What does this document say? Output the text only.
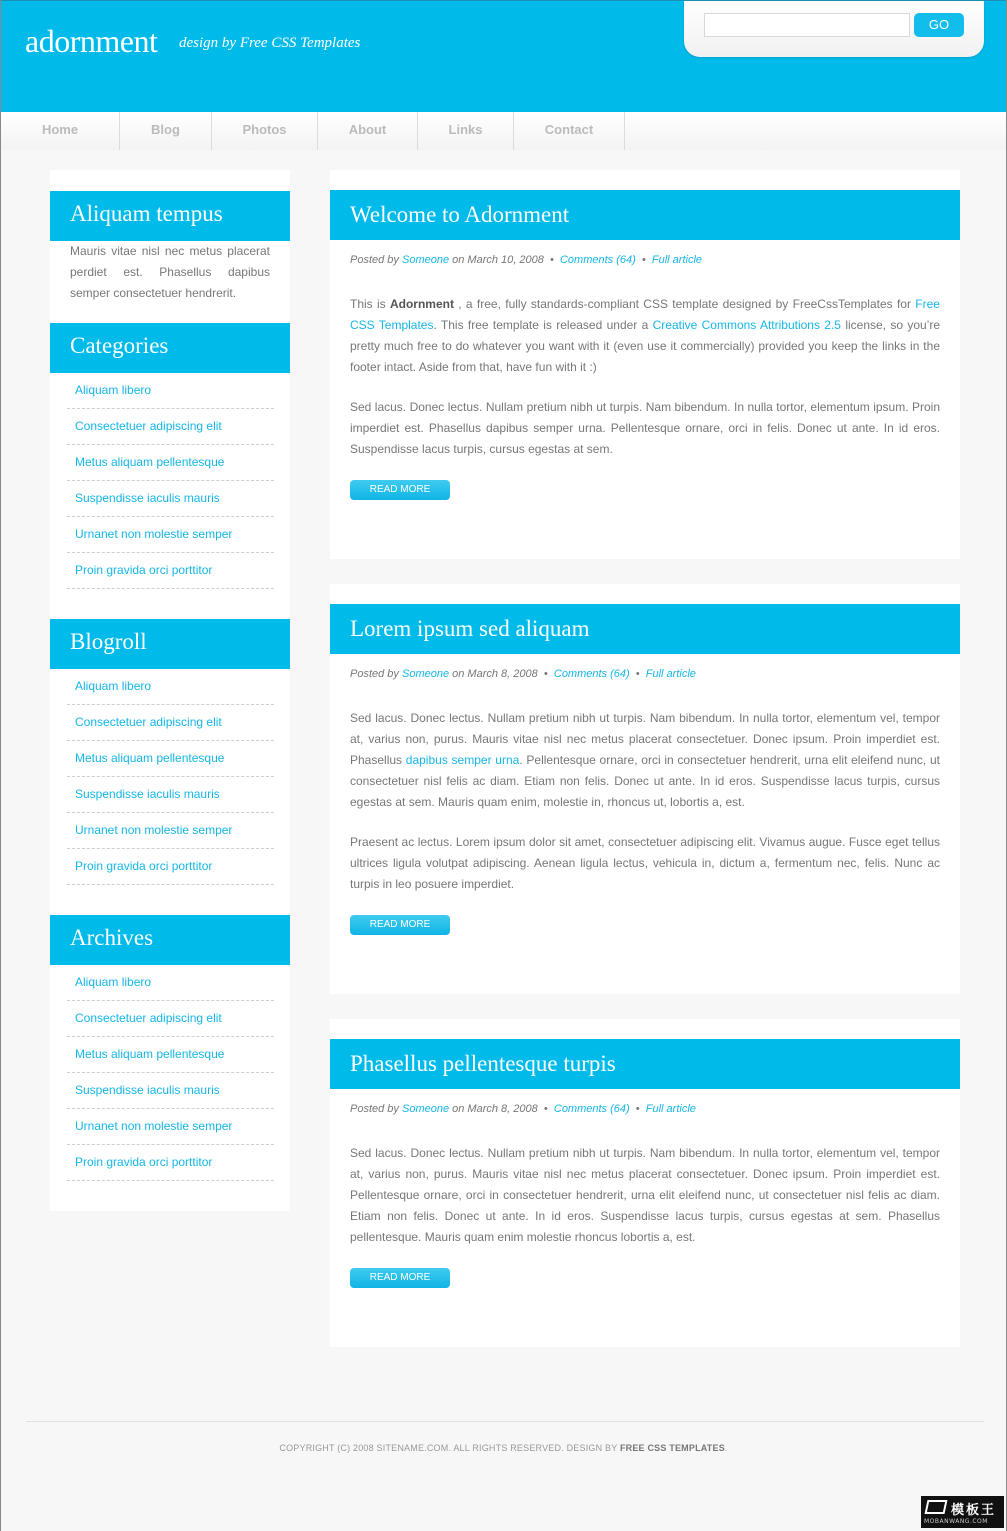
adornment design by Free CSS Templates
GO
Home	Blog	Photos	About	Links	Contact
Aliquam tempus
Mauris vitae nisl nec metus placerat perdiet est. Phasellus dapibus semper consectetuer hendrerit.
Categories
Aliquam libero
Consectetuer adipiscing elit
Metus aliquam pellentesque
Suspendisse iaculis mauris
Urnanet non molestie semper
Proin gravida orci porttitor
Blogroll
Aliquam libero
Consectetuer adipiscing elit
Metus aliquam pellentesque
Suspendisse iaculis mauris
Urnanet non molestie semper
Proin gravida orci porttitor
Archives
Aliquam libero
Consectetuer adipiscing elit
Metus aliquam pellentesque
Suspendisse iaculis mauris
Urnanet non molestie semper
Proin gravida orci porttitor
Welcome to Adornment
Posted by Someone on March 10, 2008 • Comments (64) • Full article
This is Adornment , a free, fully standards-compliant CSS template designed by FreeCssTemplates for Free CSS Templates. This free template is released under a Creative Commons Attributions 2.5 license, so you’re pretty much free to do whatever you want with it (even use it commercially) provided you keep the links in the footer intact. Aside from that, have fun with it :)
Sed lacus. Donec lectus. Nullam pretium nibh ut turpis. Nam bibendum. In nulla tortor, elementum ipsum. Proin imperdiet est. Phasellus dapibus semper urna. Pellentesque ornare, orci in felis. Donec ut ante. In id eros. Suspendisse lacus turpis, cursus egestas at sem.
READ MORE
Lorem ipsum sed aliquam
Posted by Someone on March 8, 2008 • Comments (64) • Full article
Sed lacus. Donec lectus. Nullam pretium nibh ut turpis. Nam bibendum. In nulla tortor, elementum vel, tempor at, varius non, purus. Mauris vitae nisl nec metus placerat consectetuer. Donec ipsum. Proin imperdiet est. Phasellus dapibus semper urna. Pellentesque ornare, orci in consectetuer hendrerit, urna elit eleifend nunc, ut consectetuer nisl felis ac diam. Etiam non felis. Donec ut ante. In id eros. Suspendisse lacus turpis, cursus egestas at sem. Mauris quam enim, molestie in, rhoncus ut, lobortis a, est.
Praesent ac lectus. Lorem ipsum dolor sit amet, consectetuer adipiscing elit. Vivamus augue. Fusce eget tellus ultrices ligula volutpat adipiscing. Aenean ligula lectus, vehicula in, dictum a, fermentum nec, felis. Nunc ac turpis in leo posuere imperdiet.
READ MORE
Phasellus pellentesque turpis
Posted by Someone on March 8, 2008 • Comments (64) • Full article
Sed lacus. Donec lectus. Nullam pretium nibh ut turpis. Nam bibendum. In nulla tortor, elementum vel, tempor at, varius non, purus. Mauris vitae nisl nec metus placerat consectetuer. Donec ipsum. Proin imperdiet est. Pellentesque ornare, orci in consectetuer hendrerit, urna elit eleifend nunc, ut consectetuer nisl felis ac diam. Etiam non felis. Donec ut ante. In id eros. Suspendisse lacus turpis, cursus egestas at sem. Phasellus pellentesque. Mauris quam enim molestie rhoncus lobortis a, est.
READ MORE
COPYRIGHT (C) 2008 SITENAME.COM. ALL RIGHTS RESERVED. DESIGN BY FREE CSS TEMPLATES.
模板王
MOBANWANG.COM
